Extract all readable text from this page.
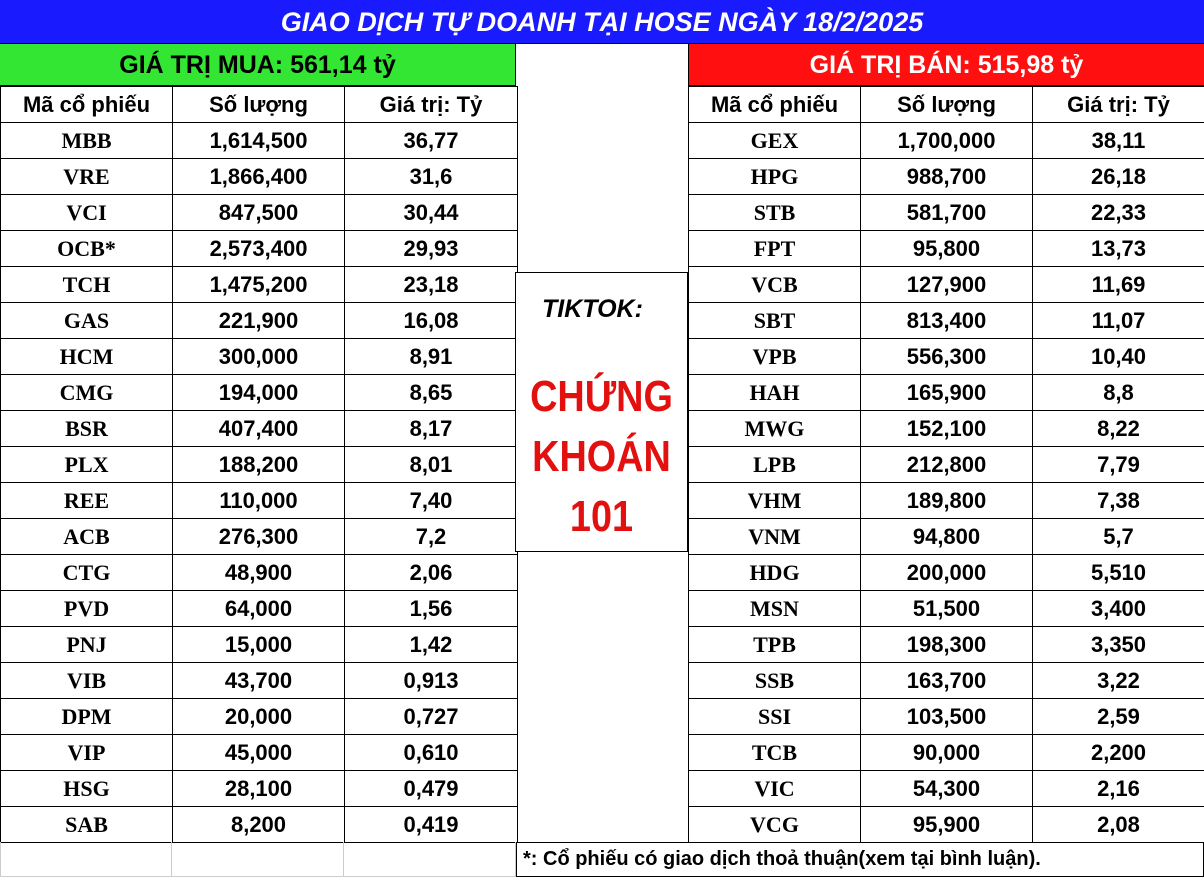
GIAO DỊCH TỰ DOANH TẠI HOSE NGÀY 18/2/2025
GIÁ TRỊ MUA: 561,14 tỷ	GIÁ TRỊ BÁN: 515,98 tỷ
Mã cổ phiếu	Số lượng	Giá trị: Tỷ
MBB	1,614,500	36,77
VRE	1,866,400	31,6
VCI	847,500	30,44
OCB*	2,573,400	29,93
TCH	1,475,200	23,18
GAS	221,900	16,08
HCM	300,000	8,91
CMG	194,000	8,65
BSR	407,400	8,17
PLX	188,200	8,01
REE	110,000	7,40
ACB	276,300	7,2
CTG	48,900	2,06
PVD	64,000	1,56
PNJ	15,000	1,42
VIB	43,700	0,913
DPM	20,000	0,727
VIP	45,000	0,610
HSG	28,100	0,479
SAB	8,200	0,419
Mã cổ phiếu	Số lượng	Giá trị: Tỷ
GEX	1,700,000	38,11
HPG	988,700	26,18
STB	581,700	22,33
FPT	95,800	13,73
VCB	127,900	11,69
SBT	813,400	11,07
VPB	556,300	10,40
HAH	165,900	8,8
MWG	152,100	8,22
LPB	212,800	7,79
VHM	189,800	7,38
VNM	94,800	5,7
HDG	200,000	5,510
MSN	51,500	3,400
TPB	198,300	3,350
SSB	163,700	3,22
SSI	103,500	2,59
TCB	90,000	2,200
VIC	54,300	2,16
VCG	95,900	2,08
TIKTOK:
CHỨNG
KHOÁN
101
*: Cổ phiếu có giao dịch thoả thuận(xem tại bình luận).
